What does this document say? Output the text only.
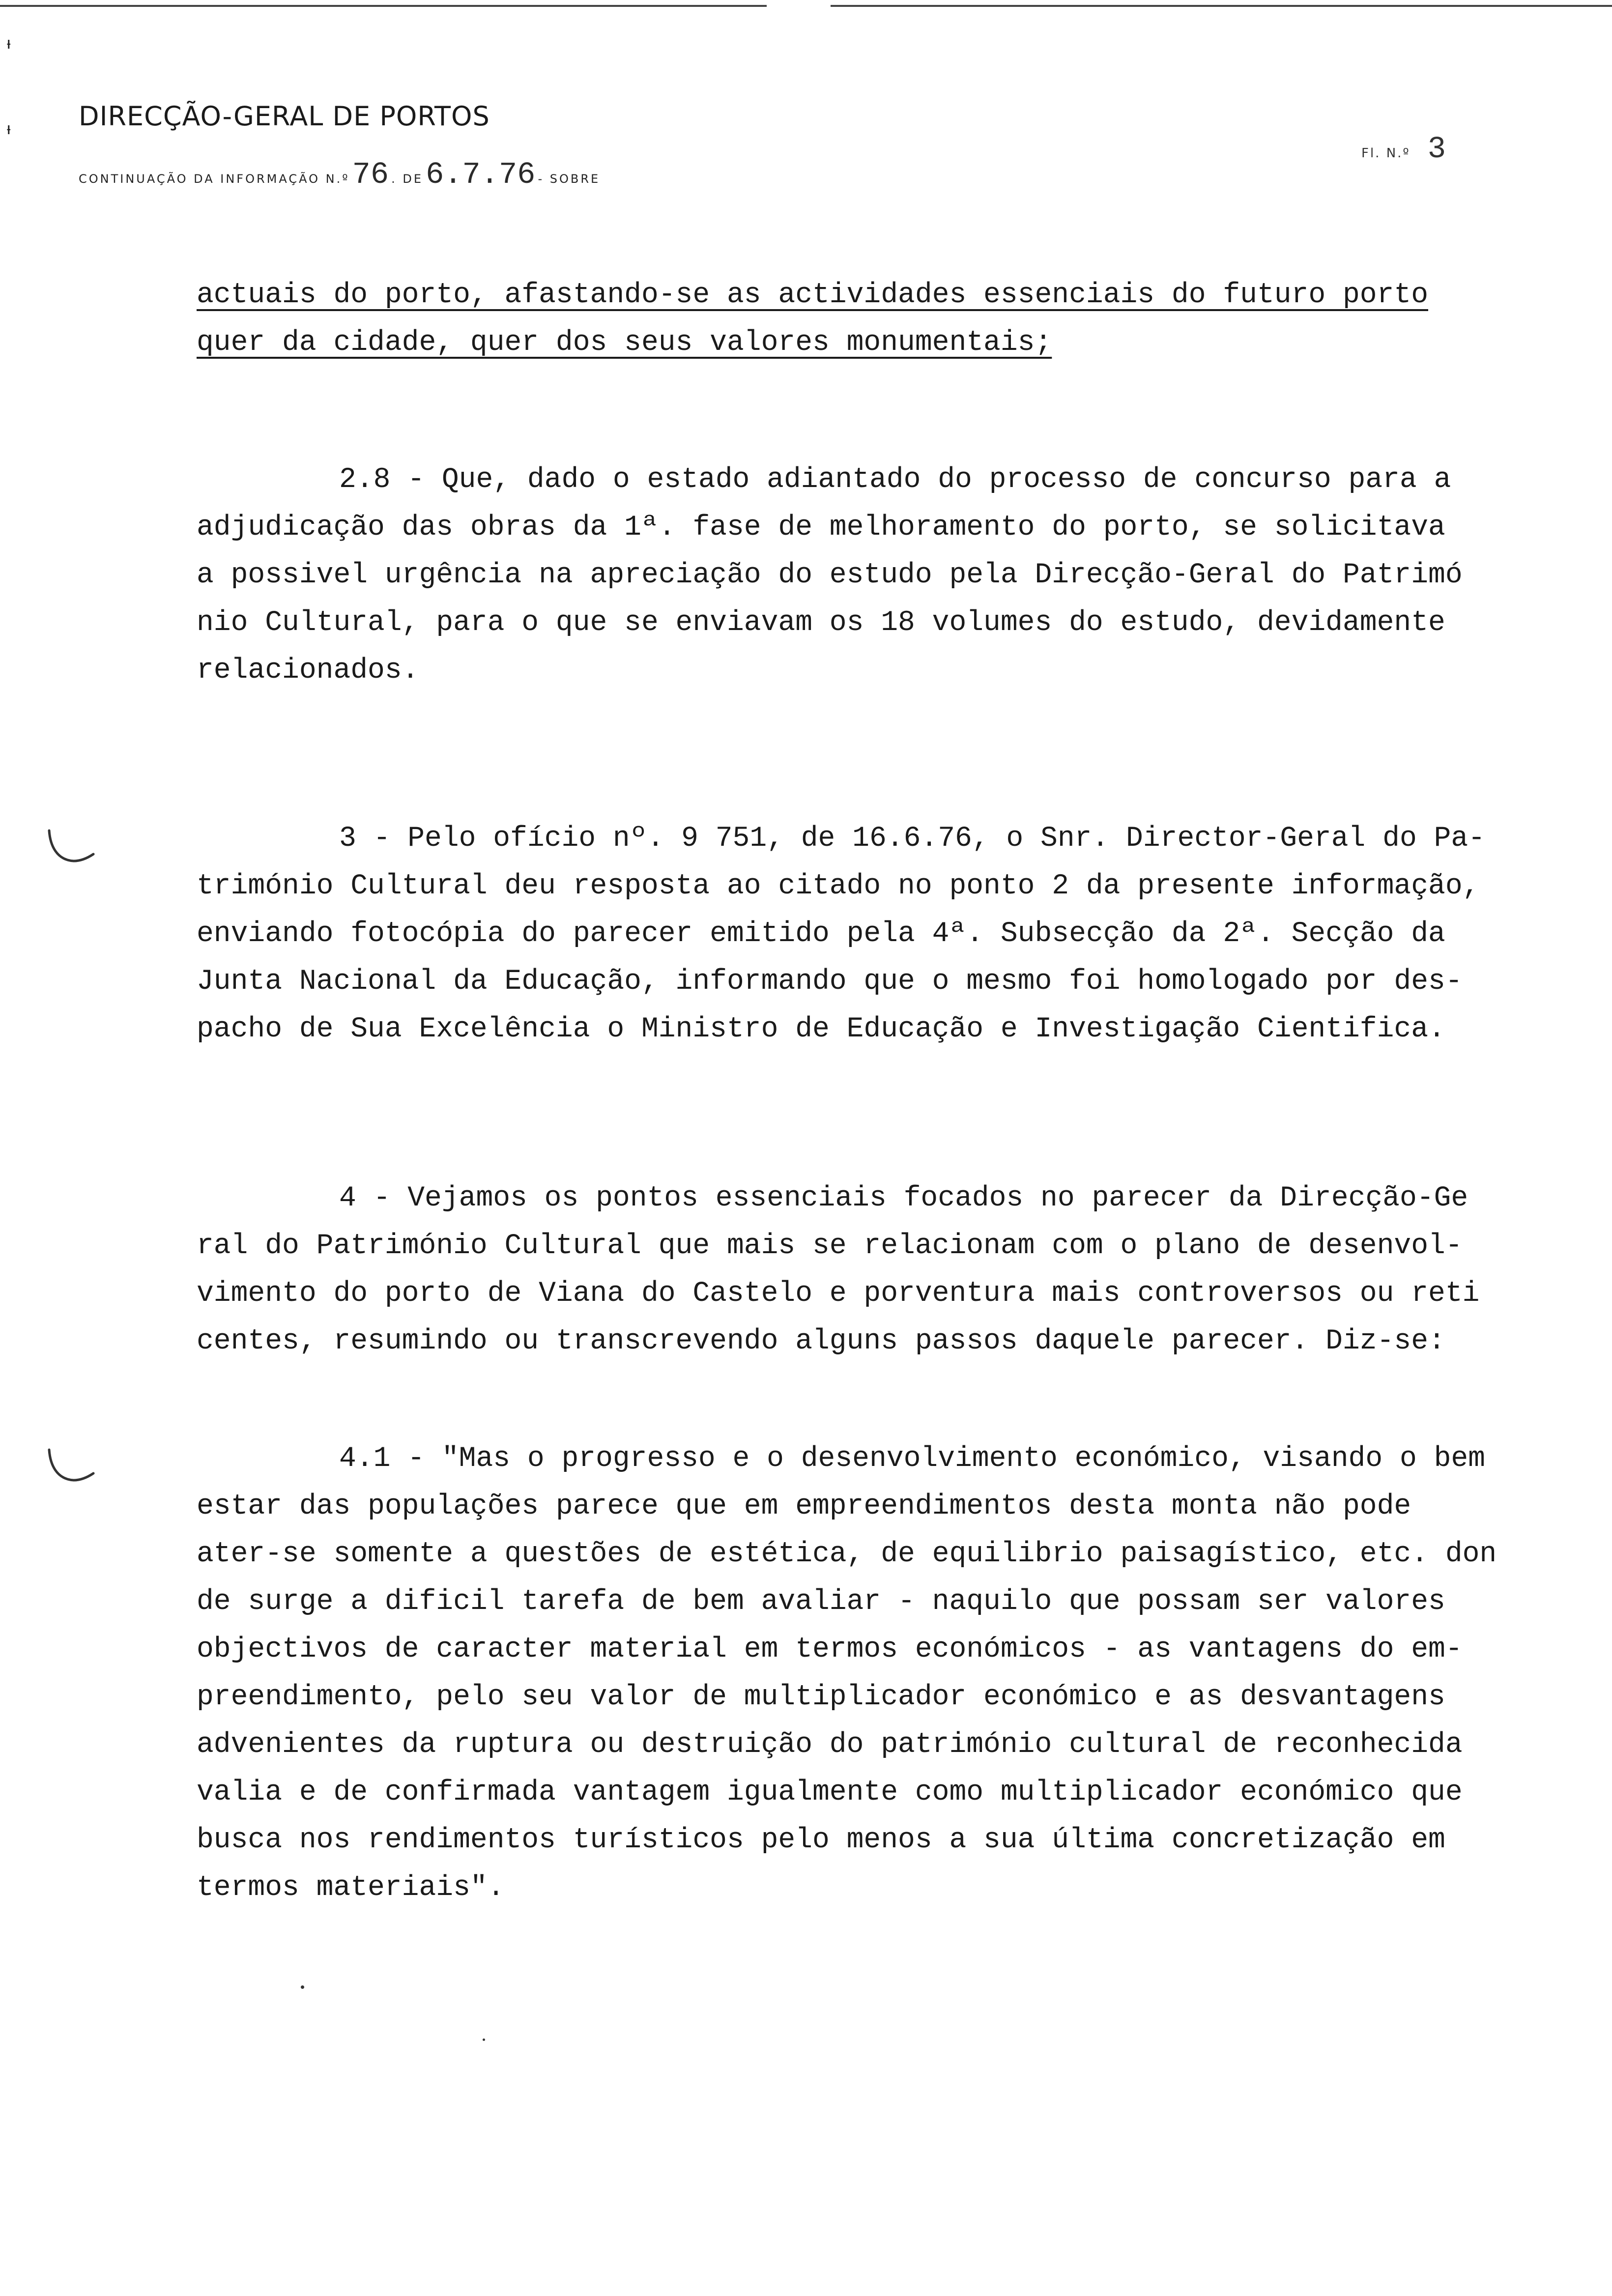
ᵼ
ᵼ	DIRECÇÃO-GERAL DE PORTOS
CONTINUAÇÃO DA INFORMAÇÃO N.º 76 . DE 6.7.76 - SOBRE
Fl. N.º 3
actuais do porto, afastando-se as actividades essenciais do futuro porto
quer da cidade, quer dos seus valores monumentais;
2.8 - Que, dado o estado adiantado do processo de concurso para a
adjudicação das obras da 1ª. fase de melhoramento do porto, se solicitava
a possivel urgência na apreciação do estudo pela Direcção-Geral do Patrimó
nio Cultural, para o que se enviavam os 18 volumes do estudo, devidamente
relacionados.
3 - Pelo ofício nº. 9 751, de 16.6.76, o Snr. Director-Geral do Pa-
trimónio Cultural deu resposta ao citado no ponto 2 da presente informação,
enviando fotocópia do parecer emitido pela 4ª. Subsecção da 2ª. Secção da
Junta Nacional da Educação, informando que o mesmo foi homologado por des-
pacho de Sua Excelência o Ministro de Educação e Investigação Cientifica.
4 - Vejamos os pontos essenciais focados no parecer da Direcção-Ge
ral do Património Cultural que mais se relacionam com o plano de desenvol-
vimento do porto de Viana do Castelo e porventura mais controversos ou reti
centes, resumindo ou transcrevendo alguns passos daquele parecer. Diz-se:
4.1 - "Mas o progresso e o desenvolvimento económico, visando o bem
estar das populações parece que em empreendimentos desta monta não pode
ater-se somente a questões de estética, de equilibrio paisagístico, etc. don
de surge a dificil tarefa de bem avaliar - naquilo que possam ser valores
objectivos de caracter material em termos económicos - as vantagens do em-
preendimento, pelo seu valor de multiplicador económico e as desvantagens
advenientes da ruptura ou destruição do património cultural de reconhecida
valia e de confirmada vantagem igualmente como multiplicador económico que
busca nos rendimentos turísticos pelo menos a sua última concretização em
termos materiais".
